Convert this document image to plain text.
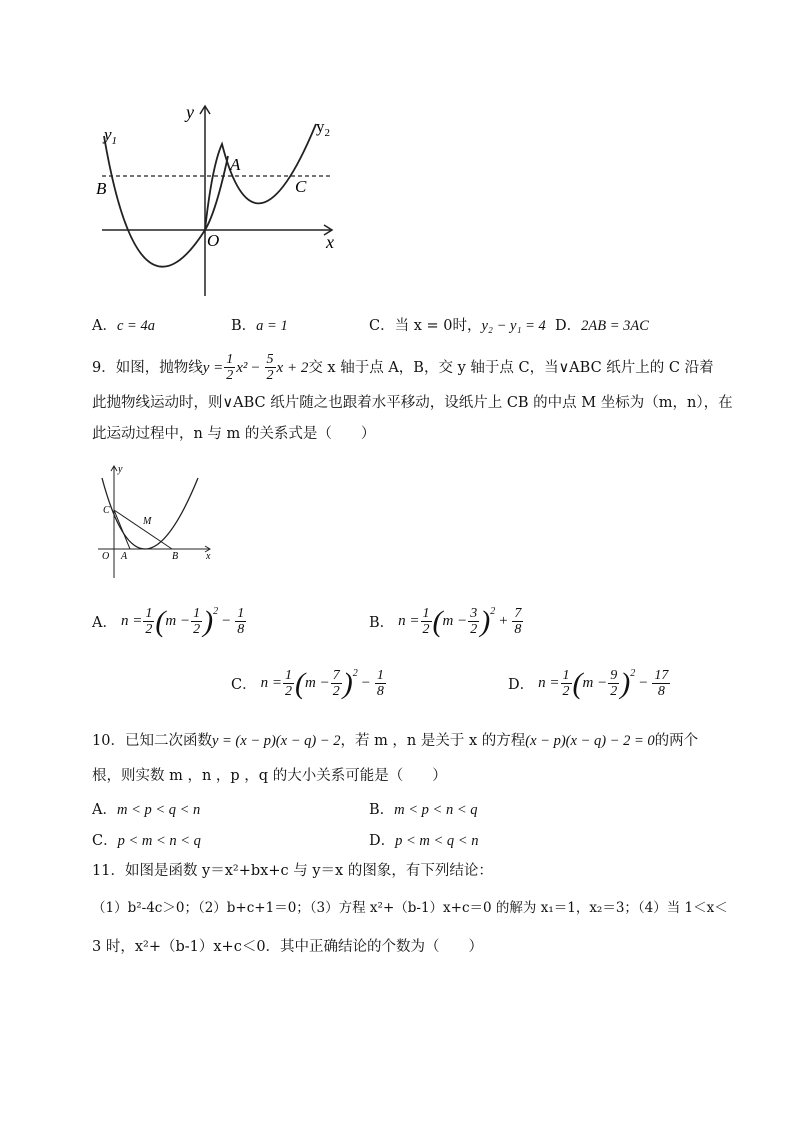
y
x
O
$y_1$
$y_2$
A
B	C
A．c = 4a	B．a = 1	C．当 x = 0时，y₂ − y₁ = 4 D．2AB = 3AC
9．如图，抛物线 $y = \frac{1}{2} x^2 - \frac{5}{2}$ x + 2 交 x 轴于点 A，B，交 y 轴于点 C，当∨ABC 纸片上的 C 沿着
此抛物线运动时，则∨ABC 纸片随之也跟着水平移动，设纸片上 CB 的中点 M 坐标为（m，n），在
此运动过程中，n 与 m 的关系式是（　　）
y
x
O
C
A	B
M
A． $n = \frac{1}{2}$ ( $m - \frac{1}{2} )^2$
− $\frac{1}{8}$	B． $n = \frac{1}{2}$ ( $m - \frac{3}{2} )^2$
+ $\frac{7}{8}$
C． $n = \frac{1}{2}$ ( $m - \frac{7}{2} )^2$
− $\frac{1}{8}$	D． $n = \frac{1}{2}$ ( $m - \frac{9}{2} )^2$
− $\frac{17}{8}$
10．已知二次函数y = (x − p)(x − q) − 2，若 m ，n 是关于 x 的方程(x − p)(x − q) − 2 = 0的两个
根，则实数 m ，n ，p ，q 的大小关系可能是（　　）
A．m < p < q < n	B．m < p < n < q
C．p < m < n < q	D．p < m < q < n
11．如图是函数 y＝x²+bx+c 与 y＝x 的图象，有下列结论：
（1）b²-4c＞0；（2）b+c+1＝0；（3）方程 x²+（b-1）x+c＝0 的解为 x₁＝1，x₂＝3；（4）当 1＜x＜
3 时，x²+（b-1）x+c＜0．其中正确结论的个数为（　　）
